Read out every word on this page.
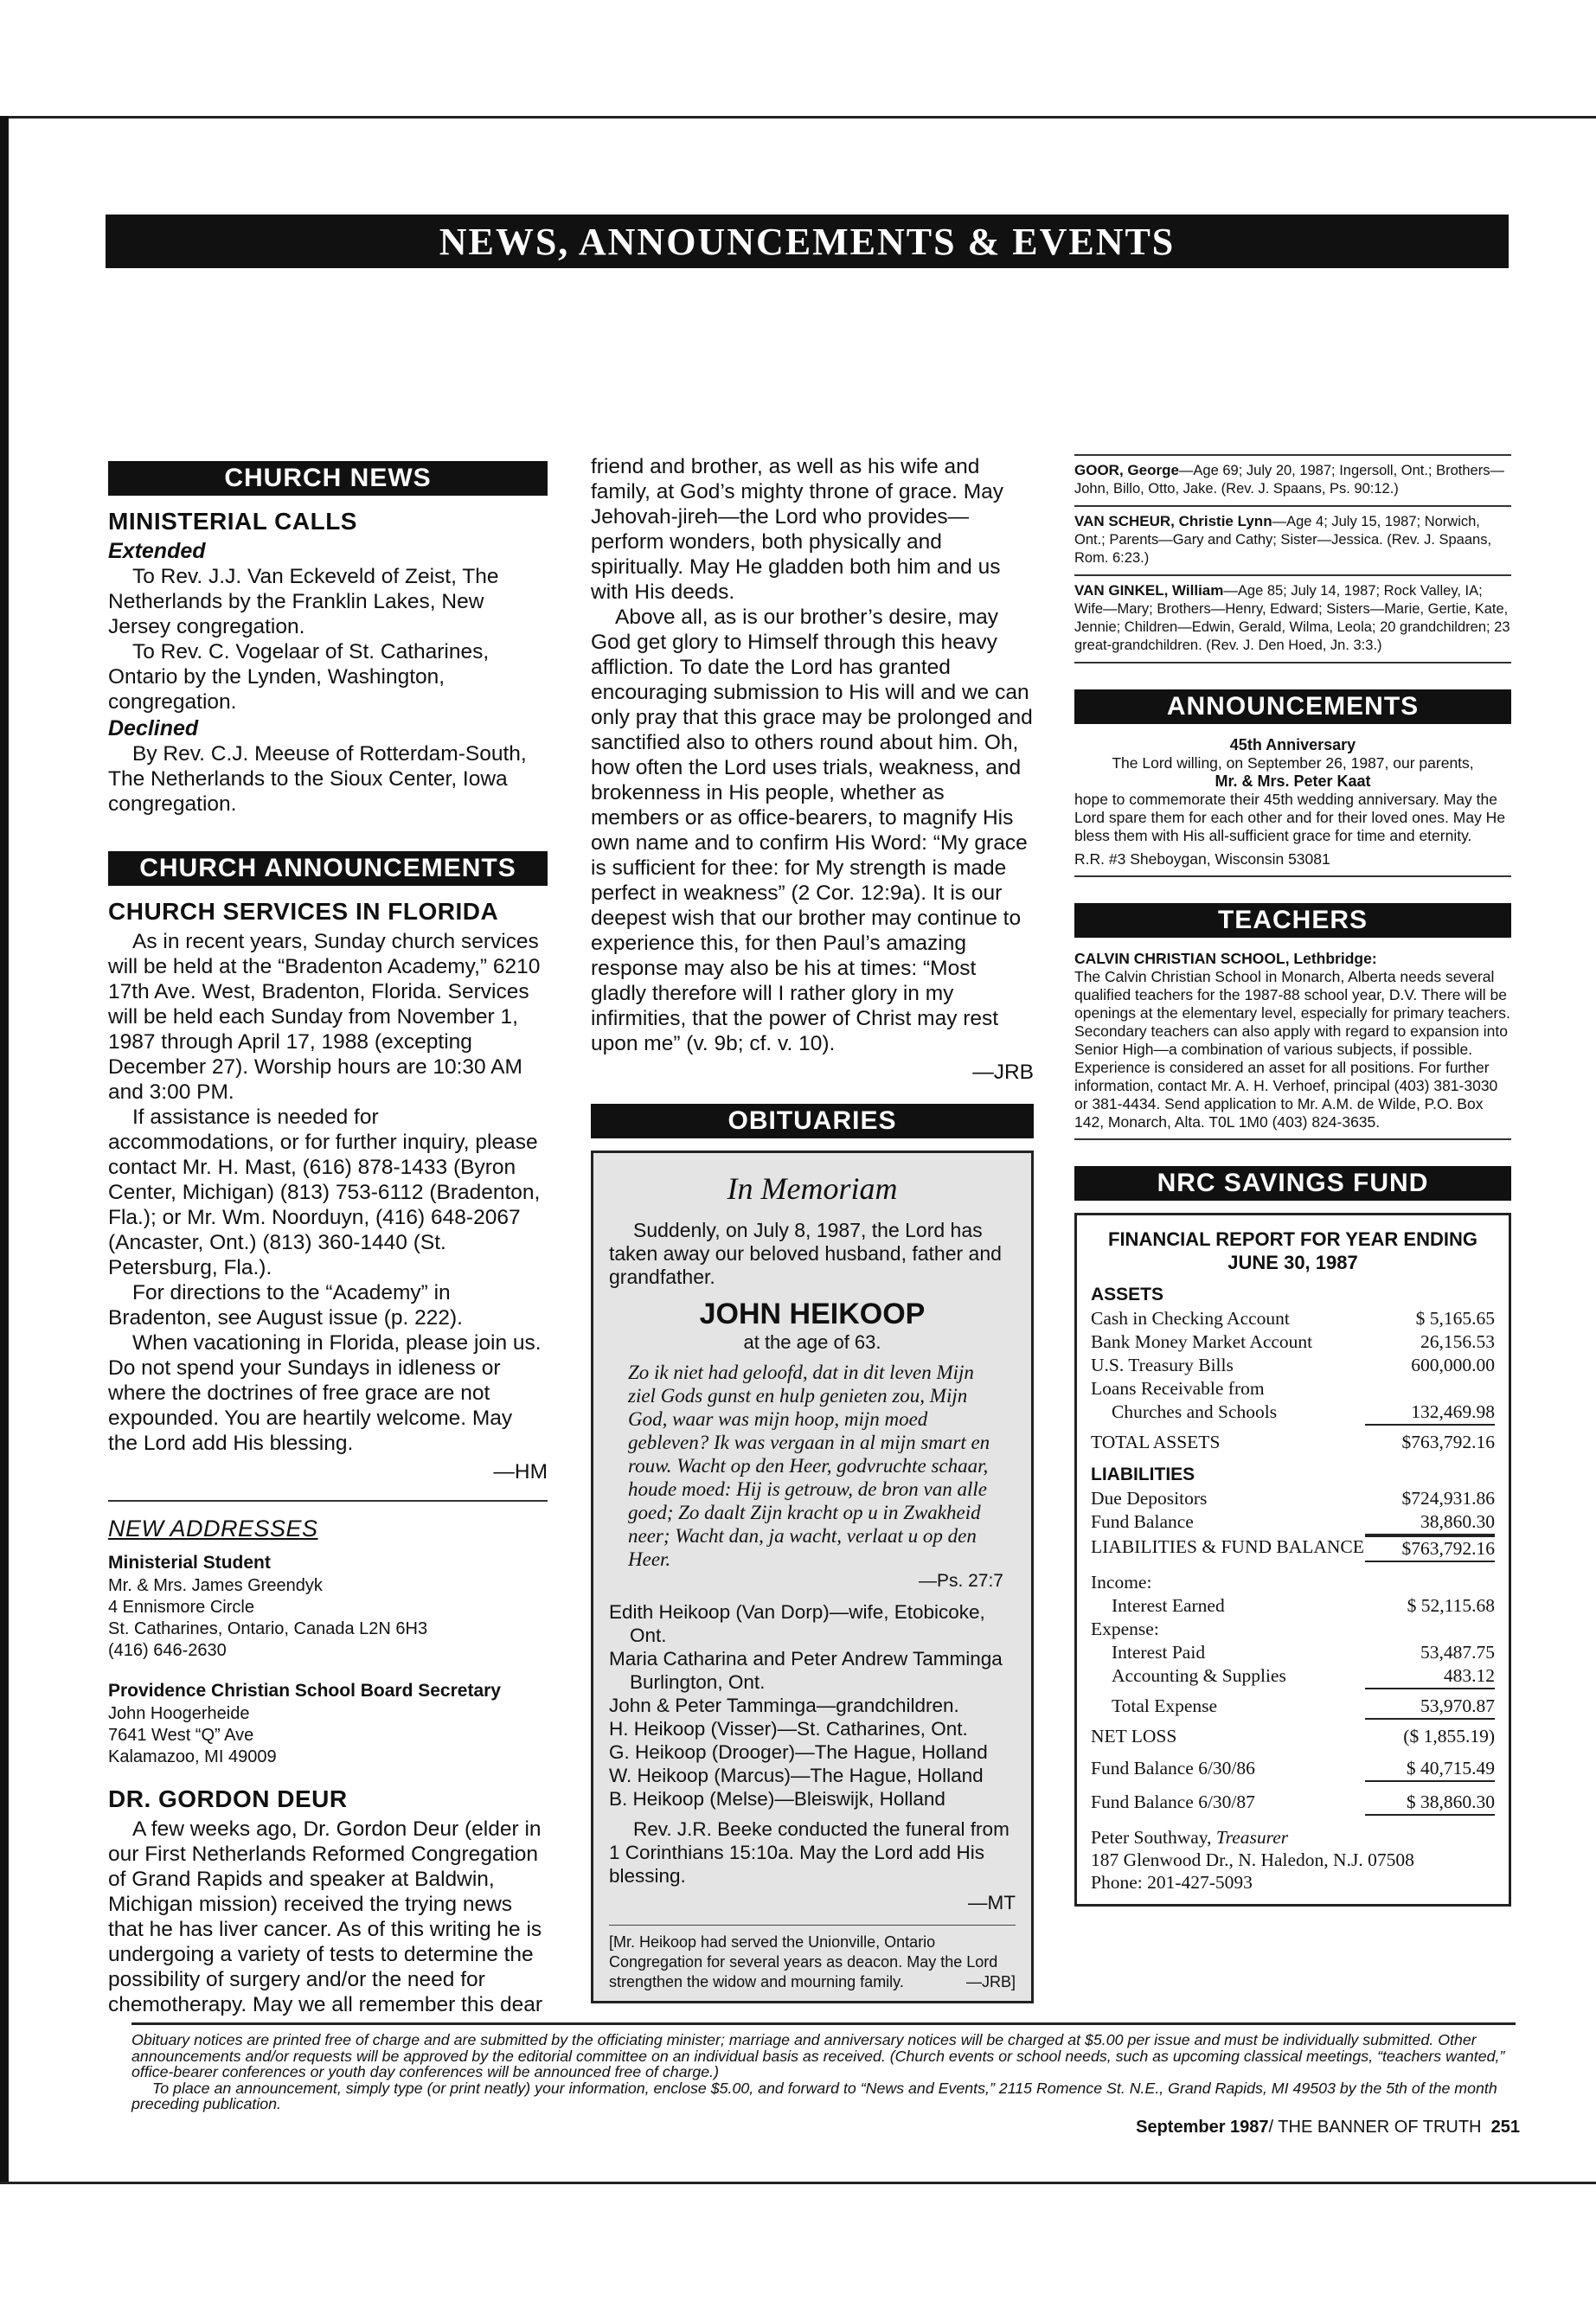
NEWS, ANNOUNCEMENTS & EVENTS
CHURCH NEWS
MINISTERIAL CALLS
Extended

To Rev. J.J. Van Eckeveld of Zeist, The Netherlands by the Franklin Lakes, New Jersey congregation.

To Rev. C. Vogelaar of St. Catharines, Ontario by the Lynden, Washington, congregation.

Declined

By Rev. C.J. Meeuse of Rotterdam-South, The Netherlands to the Sioux Center, Iowa congregation.

CHURCH ANNOUNCEMENTS
CHURCH SERVICES IN FLORIDA

As in recent years, Sunday church services will be held at the “Bradenton Academy,” 6210 17th Ave. West, Bradenton, Florida. Services will be held each Sunday from November 1, 1987 through April 17, 1988 (excepting December 27). Worship hours are 10:30 AM and 3:00 PM.

If assistance is needed for accommodations, or for further inquiry, please contact Mr. H. Mast, (616) 878-1433 (Byron Center, Michigan) (813) 753-6112 (Bradenton, Fla.); or Mr. Wm. Noorduyn, (416) 648-2067 (Ancaster, Ont.) (813) 360-1440 (St. Petersburg, Fla.).

For directions to the “Academy” in Bradenton, see August issue (p. 222).

When vacationing in Florida, please join us. Do not spend your Sundays in idleness or where the doctrines of free grace are not expounded. You are heartily welcome. May the Lord add His blessing.

—HM

NEW ADDRESSES
Ministerial Student
Mr. & Mrs. James Greendyk
4 Ennismore Circle
St. Catharines, Ontario, Canada L2N 6H3
(416) 646-2630
Providence Christian School Board Secretary
John Hoogerheide
7641 West “Q” Ave
Kalamazoo, MI 49009
DR. GORDON DEUR

A few weeks ago, Dr. Gordon Deur (elder in our First Netherlands Reformed Congregation of Grand Rapids and speaker at Baldwin, Michigan mission) received the trying news that he has liver cancer. As of this writing he is undergoing a variety of tests to determine the possibility of surgery and/or the need for chemotherapy. May we all remember this dear

friend and brother, as well as his wife and family, at God’s mighty throne of grace. May Jehovah-jireh—the Lord who provides—perform wonders, both physically and spiritually. May He gladden both him and us with His deeds.

Above all, as is our brother’s desire, may God get glory to Himself through this heavy affliction. To date the Lord has granted encouraging submission to His will and we can only pray that this grace may be prolonged and sanctified also to others round about him. Oh, how often the Lord uses trials, weakness, and brokenness in His people, whether as members or as office-bearers, to magnify His own name and to confirm His Word: “My grace is sufficient for thee: for My strength is made perfect in weakness” (2 Cor. 12:9a). It is our deepest wish that our brother may continue to experience this, for then Paul’s amazing response may also be his at times: “Most gladly therefore will I rather glory in my infirmities, that the power of Christ may rest upon me” (v. 9b; cf. v. 10).

—JRB

OBITUARIES
In Memoriam

Suddenly, on July 8, 1987, the Lord has taken away our beloved husband, father and grandfather.

JOHN HEIKOOP
at the age of 63.
Zo ik niet had geloofd, dat in dit leven Mijn ziel Gods gunst en hulp genieten zou, Mijn God, waar was mijn hoop, mijn moed gebleven? Ik was vergaan in al mijn smart en rouw. Wacht op den Heer, godvruchte schaar, houde moed: Hij is getrouw, de bron van alle goed; Zo daalt Zijn kracht op u in Zwakheid neer; Wacht dan, ja wacht, verlaat u op den Heer.
—Ps. 27:7
Edith Heikoop (Van Dorp)—wife, Etobicoke, Ont.
Maria Catharina and Peter Andrew Tamminga Burlington, Ont.
John & Peter Tamminga—grandchildren.
H. Heikoop (Visser)—St. Catharines, Ont.
G. Heikoop (Drooger)—The Hague, Holland
W. Heikoop (Marcus)—The Hague, Holland
B. Heikoop (Melse)—Bleiswijk, Holland

Rev. J.R. Beeke conducted the funeral from 1 Corinthians 15:10a. May the Lord add His blessing.

—MT

[Mr. Heikoop had served the Unionville, Ontario Congregation for several years as deacon. May the Lord strengthen the widow and mourning family.	—JRB]
GOOR, George—Age 69; July 20, 1987; Ingersoll, Ont.; Brothers—John, Billo, Otto, Jake. (Rev. J. Spaans, Ps. 90:12.)
VAN SCHEUR, Christie Lynn—Age 4; July 15, 1987; Norwich, Ont.; Parents—Gary and Cathy; Sister—Jessica. (Rev. J. Spaans, Rom. 6:23.)
VAN GINKEL, William—Age 85; July 14, 1987; Rock Valley, IA; Wife—Mary; Brothers—Henry, Edward; Sisters—Marie, Gertie, Kate, Jennie; Children—Edwin, Gerald, Wilma, Leola; 20 grandchildren; 23 great-grandchildren. (Rev. J. Den Hoed, Jn. 3:3.)
ANNOUNCEMENTS
45th Anniversary
The Lord willing, on September 26, 1987, our parents,
Mr. & Mrs. Peter Kaat
hope to commemorate their 45th wedding anniversary. May the Lord spare them for each other and for their loved ones. May He bless them with His all-sufficient grace for time and eternity.
R.R. #3 Sheboygan, Wisconsin 53081
TEACHERS
CALVIN CHRISTIAN SCHOOL, Lethbridge:
The Calvin Christian School in Monarch, Alberta needs several qualified teachers for the 1987-88 school year, D.V. There will be openings at the elementary level, especially for primary teachers. Secondary teachers can also apply with regard to expansion into Senior High—a combination of various subjects, if possible. Experience is considered an asset for all positions. For further information, contact Mr. A. H. Verhoef, principal (403) 381-3030 or 381-4434. Send application to Mr. A.M. de Wilde, P.O. Box 142, Monarch, Alta. T0L 1M0 (403) 824-3635.
NRC SAVINGS FUND
FINANCIAL REPORT FOR YEAR ENDING JUNE 30, 1987
ASSETS
Cash in Checking Account	$ 5,165.65
Bank Money Market Account	26,156.53
U.S. Treasury Bills	600,000.00
Loans Receivable from
Churches and Schools	132,469.98
TOTAL ASSETS	$763,792.16
LIABILITIES
Due Depositors	$724,931.86
Fund Balance	38,860.30
LIABILITIES & FUND BALANCE	$763,792.16
Income:
Interest Earned	$ 52,115.68
Expense:
Interest Paid	53,487.75
Accounting & Supplies	483.12
Total Expense	53,970.87
NET LOSS	($ 1,855.19)
Fund Balance 6/30/86	$ 40,715.49
Fund Balance 6/30/87	$ 38,860.30
Peter Southway, Treasurer
187 Glenwood Dr., N. Haledon, N.J. 07508
Phone: 201-427-5093

Obituary notices are printed free of charge and are submitted by the officiating minister; marriage and anniversary notices will be charged at $5.00 per issue and must be individually submitted. Other announcements and/or requests will be approved by the editorial committee on an individual basis as received. (Church events or school needs, such as upcoming classical meetings, “teachers wanted,” office-bearer conferences or youth day conferences will be announced free of charge.)

To place an announcement, simply type (or print neatly) your information, enclose $5.00, and forward to “News and Events,” 2115 Romence St. N.E., Grand Rapids, MI 49503 by the 5th of the month preceding publication.

September 1987/ THE BANNER OF TRUTH 251
